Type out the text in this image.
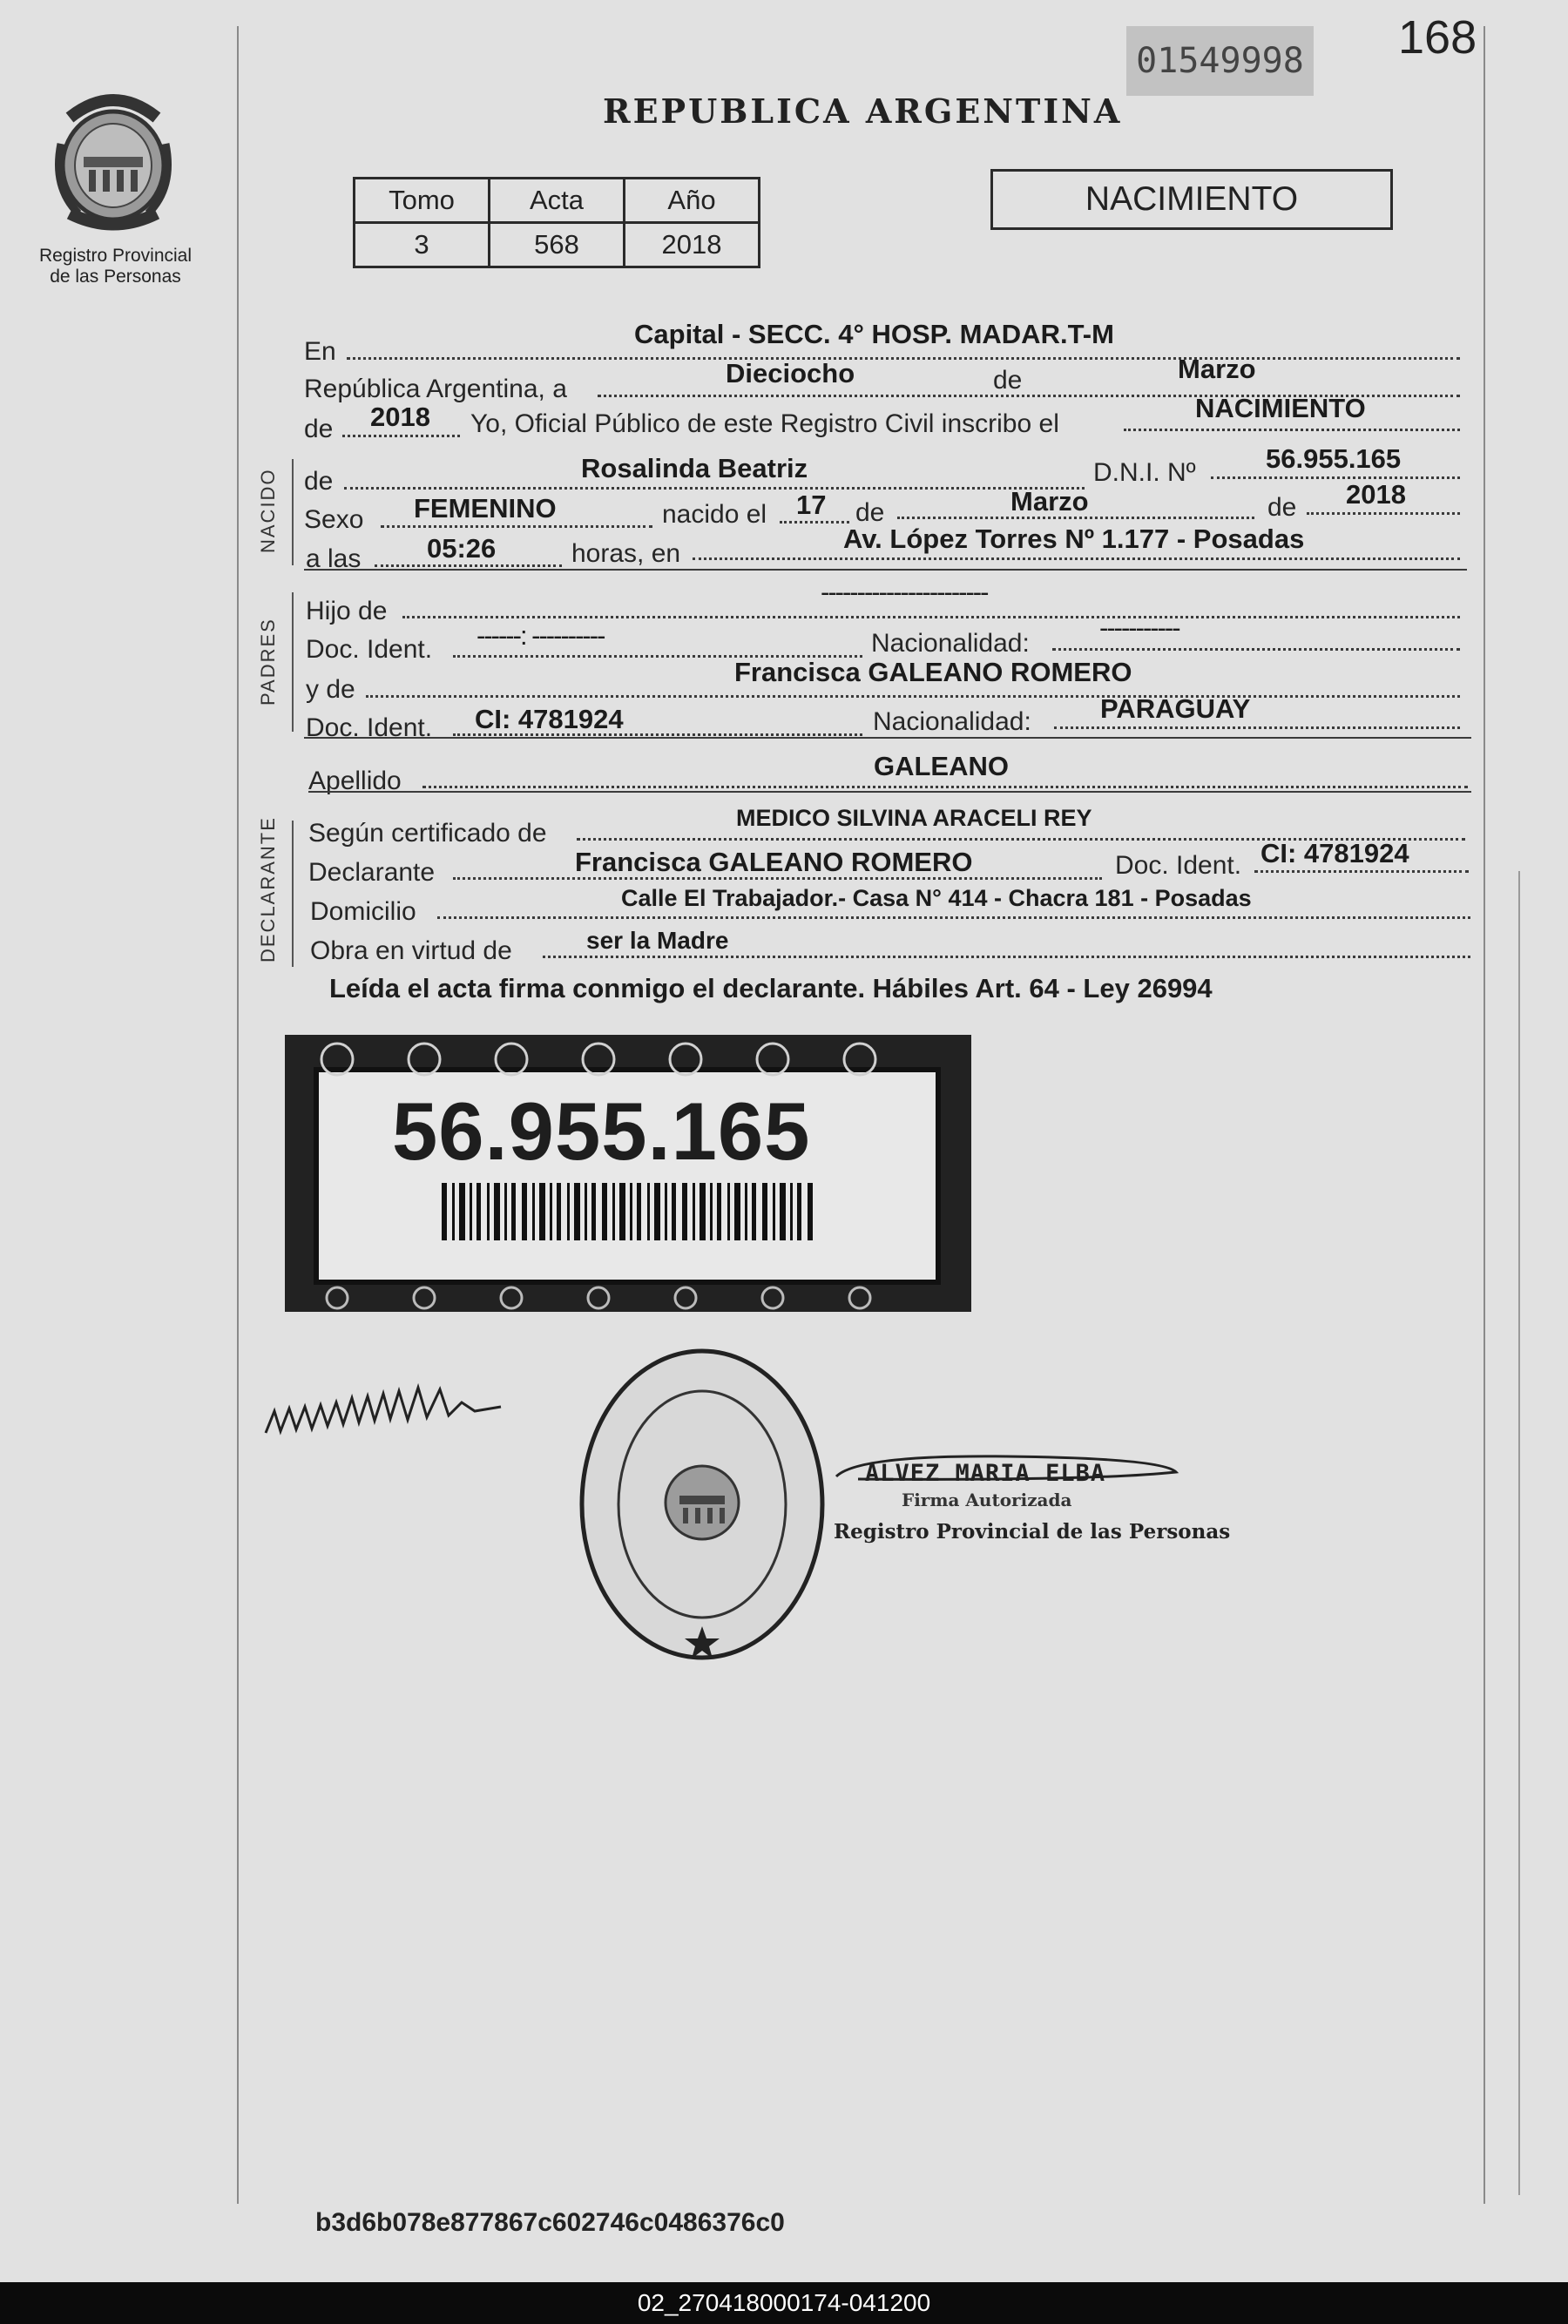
01549998 168
REPUBLICA ARGENTINA
Registro Provincial
de las Personas
Tomo	Acta	Año
3	568	2018
NACIMIENTO
En
Capital - SECC. 4° HOSP. MADAR.T-M
República Argentina, a
Dieciocho	de	Marzo
de 2018 Yo, Oficial Público de este Registro Civil inscribo el
NACIMIENTO
NACIDO de	Rosalinda Beatriz	D.N.I. Nº	56.955.165
Sexo FEMENINO	nacido el 17 de	Marzo	de 2018
a las 05:26	horas, en	Av. López Torres Nº 1.177 - Posadas
PADRES
Hijo de
-----------------------
Doc. Ident. ------: ----------	Nacionalidad:
-----------
y de
Francisca GALEANO ROMERO
Doc. Ident. CI: 4781924	Nacionalidad:	PARAGUAY
Apellido	GALEANO
DECLARANTE Según certificado de
MEDICO SILVINA ARACELI REY
Declarante	Francisca GALEANO ROMERO	Doc. Ident. CI: 4781924
Domicilio	Calle El Trabajador.- Casa N° 414 - Chacra 181 - Posadas
Obra en virtud de	ser la Madre
Leída el acta firma conmigo el declarante. Hábiles Art. 64 - Ley 26994
56.955.165
ALVEZ MARIA ELBA
Firma Autorizada
Registro Provincial de las Personas
b3d6b078e877867c602746c0486376c0
02_270418000174-041200
